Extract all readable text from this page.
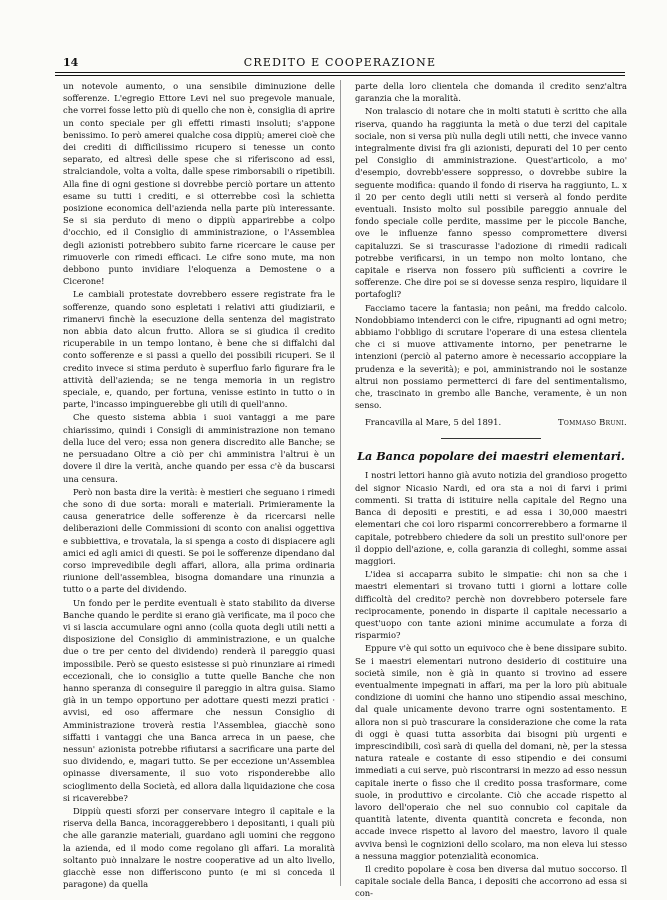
14	CREDITO E COOPERAZIONE

un notevole aumento, o una sensibile diminuzione delle sofferenze. L'egregio Ettore Levi nel suo pregevole manuale, che vorrei fosse letto più di quello che non è, consiglia di aprire un conto speciale per gli effetti rimasti insoluti; s'appone benissimo. Io però amerei qualche cosa dippiù; amerei cioè che dei crediti di difficilissimo ricupero si tenesse un conto separato, ed altresì delle spese che si riferiscono ad essi, stralciandole, volta a volta, dalle spese rimborsabili o ripetibili. Alla fine di ogni gestione si dovrebbe perciò portare un attento esame su tutti i crediti, e si otterrebbe così la schietta posizione economica dell'azienda nella parte più interessante. Se si sia perduto di meno o dippiù apparirebbe a colpo d'occhio, ed il Consiglio di amministrazione, o l'Assemblea degli azionisti potrebbero subito farne ricercare le cause per rimuoverle con rimedi efficaci. Le cifre sono mute, ma non debbono punto invidiare l'eloquenza a Demostene o a Cicerone!

Le cambiali protestate dovrebbero essere registrate fra le sofferenze, quando sono espletati i relativi atti giudiziarii, e rimanervi finchè la esecuzione della sentenza del magistrato non abbia dato alcun frutto. Allora se si giudica il credito ricuperabile in un tempo lontano, è bene che si diffalchi dal conto sofferenze e si passi a quello dei possibili ricuperi. Se il credito invece si stima perduto è superfluo farlo figurare fra le attività dell'azienda; se ne tenga memoria in un registro speciale, e, quando, per fortuna, venisse estinto in tutto o in parte, l'incasso impinguerebbe gli utili di quell'anno.

Che questo sistema abbia i suoi vantaggi a me pare chiarissimo, quindi i Consigli di amministrazione non temano della luce del vero; essa non genera discredito alle Banche; se ne persuadano Oltre a ciò per chi amministra l'altrui è un dovere il dire la verità, anche quando per essa c'è da buscarsi una censura.

Però non basta dire la verità: è mestieri che seguano i rimedi che sono di due sorta: morali e materiali. Primieramente la causa generatrice delle sofferenze è da ricercarsi nelle deliberazioni delle Commissioni di sconto con analisi oggettiva e subbiettiva, e trovatala, la si spenga a costo di dispiacere agli amici ed agli amici di questi. Se poi le sofferenze dipendano dal corso imprevedibile degli affari, allora, alla prima ordinaria riunione dell'assemblea, bisogna domandare una rinunzia a tutto o a parte del dividendo.

Un fondo per le perdite eventuali è stato stabilito da diverse Banche quando le perdite si erano già verificate, ma il poco che vi si lascia accumulare ogni anno (colla quota degli utili netti a disposizione del Consiglio di amministrazione, e un qualche due o tre per cento del dividendo) renderà il pareggio quasi impossibile. Però se questo esistesse si può rinunziare ai rimedi eccezionali, che io consiglio a tutte quelle Banche che non hanno speranza di conseguire il pareggio in altra guisa. Siamo già in un tempo opportuno per adottare questi mezzi pratici · avvisi, ed oso affermare che nessun Consiglio di Amministrazione troverà restia l'Assemblea, giacchè sono siffatti i vantaggi che una Banca arreca in un paese, che nessun' azionista potrebbe rifiutarsi a sacrificare una parte del suo dividendo, e, magari tutto. Se per eccezione un'Assemblea opinasse diversamente, il suo voto risponderebbe allo scioglimento della Società, ed allora dalla liquidazione che cosa si ricaverebbe?

Dippiù questi sforzi per conservare integro il capitale e la riserva della Banca, incoraggerebbero i depositanti, i quali più che alle garanzie materiali, guardano agli uomini che reggono la azienda, ed il modo come regolano gli affari. La moralità soltanto può innalzare le nostre cooperative ad un alto livello, giacchè esse non differiscono punto (e mi si conceda il paragone) da quella

parte della loro clientela che domanda il credito senz'altra garanzia che la moralità.

Non tralascio di notare che in molti statuti è scritto che alla riserva, quando ha raggiunta la metà o due terzi del capitale sociale, non si versa più nulla degli utili netti, che invece vanno integralmente divisi fra gli azionisti, depurati del 10 per cento pel Consiglio di amministrazione. Quest'articolo, a mo' d'esempio, dovrebb'essere soppresso, o dovrebbe subire la seguente modifica: quando il fondo di riserva ha raggiunto, L. x il 20 per cento degli utili netti si verserà al fondo perdite eventuali. Insisto molto sul possibile pareggio annuale del fondo speciale colle perdite, massime per le piccole Banche, ove le influenze fanno spesso compromettere diversi capitaluzzi. Se si trascurasse l'adozione di rimedii radicali potrebbe verificarsi, in un tempo non molto lontano, che capitale e riserva non fossero più sufficienti a covrire le sofferenze. Che dire poi se si dovesse senza respiro, liquidare il portafogli?

Facciamo tacere la fantasia; non peâni, ma freddo calcolo. Nondobbiamo intenderci con le cifre, ripugnanti ad ogni metro; abbiamo l'obbligo di scrutare l'operare di una estesa clientela che ci si muove attivamente intorno, per penetrarne le intenzioni (perciò al paterno amore è necessario accoppiare la prudenza e la severità); e poi, amministrando noi le sostanze altrui non possiamo permetterci di fare del sentimentalismo, che, trascinato in grembo alle Banche, veramente, è un non senso.

Francavilla al Mare, 5 del 1891.	Tommaso Bruni.
La Banca popolare dei maestri elementari.

I nostri lettori hanno già avuto notizia del grandioso progetto del signor Nicasio Nardi, ed ora sta a noi di farvi i primi commenti. Si tratta di istituire nella capitale del Regno una Banca di depositi e prestiti, e ad essa i 30,000 maestri elementari che coi loro risparmi concorrerebbero a formarne il capitale, potrebbero chiedere da soli un prestito sull'onore per il doppio dell'azione, e, colla garanzia di colleghi, somme assai maggiori.

L'idea si accaparra subito le simpatie: chi non sa che i maestri elementari si trovano tutti i giorni a lottare colle difficoltà del credito? perchè non dovrebbero potersele fare reciprocamente, ponendo in disparte il capitale necessario a quest'uopo con tante azioni minime accumulate a forza di risparmio?

Eppure v'è qui sotto un equivoco che è bene dissipare subito. Se i maestri elementari nutrono desiderio di costituire una società simile, non è già in quanto si trovino ad essere eventualmente impegnati in affari, ma per la loro più abituale condizione di uomini che hanno uno stipendio assai meschino, dal quale unicamente devono trarre ogni sostentamento. E allora non si può trascurare la considerazione che come la rata di oggi è quasi tutta assorbita dai bisogni più urgenti e imprescindibili, così sarà di quella del domani, nè, per la stessa natura rateale e costante di esso stipendio e dei consumi immediati a cui serve, può riscontrarsi in mezzo ad esso nessun capitale inerte o fisso che il credito possa trasformare, come suole, in produttivo e circolante. Ciò che accade rispetto al lavoro dell'operaio che nel suo connubio col capitale da quantità latente, diventa quantità concreta e feconda, non accade invece rispetto al lavoro del maestro, lavoro il quale avviva bensì le cognizioni dello scolaro, ma non eleva lui stesso a nessuna maggior potenzialità economica.

Il credito popolare è cosa ben diversa dal mutuo soccorso. Il capitale sociale della Banca, i depositi che accorrono ad essa si con-
